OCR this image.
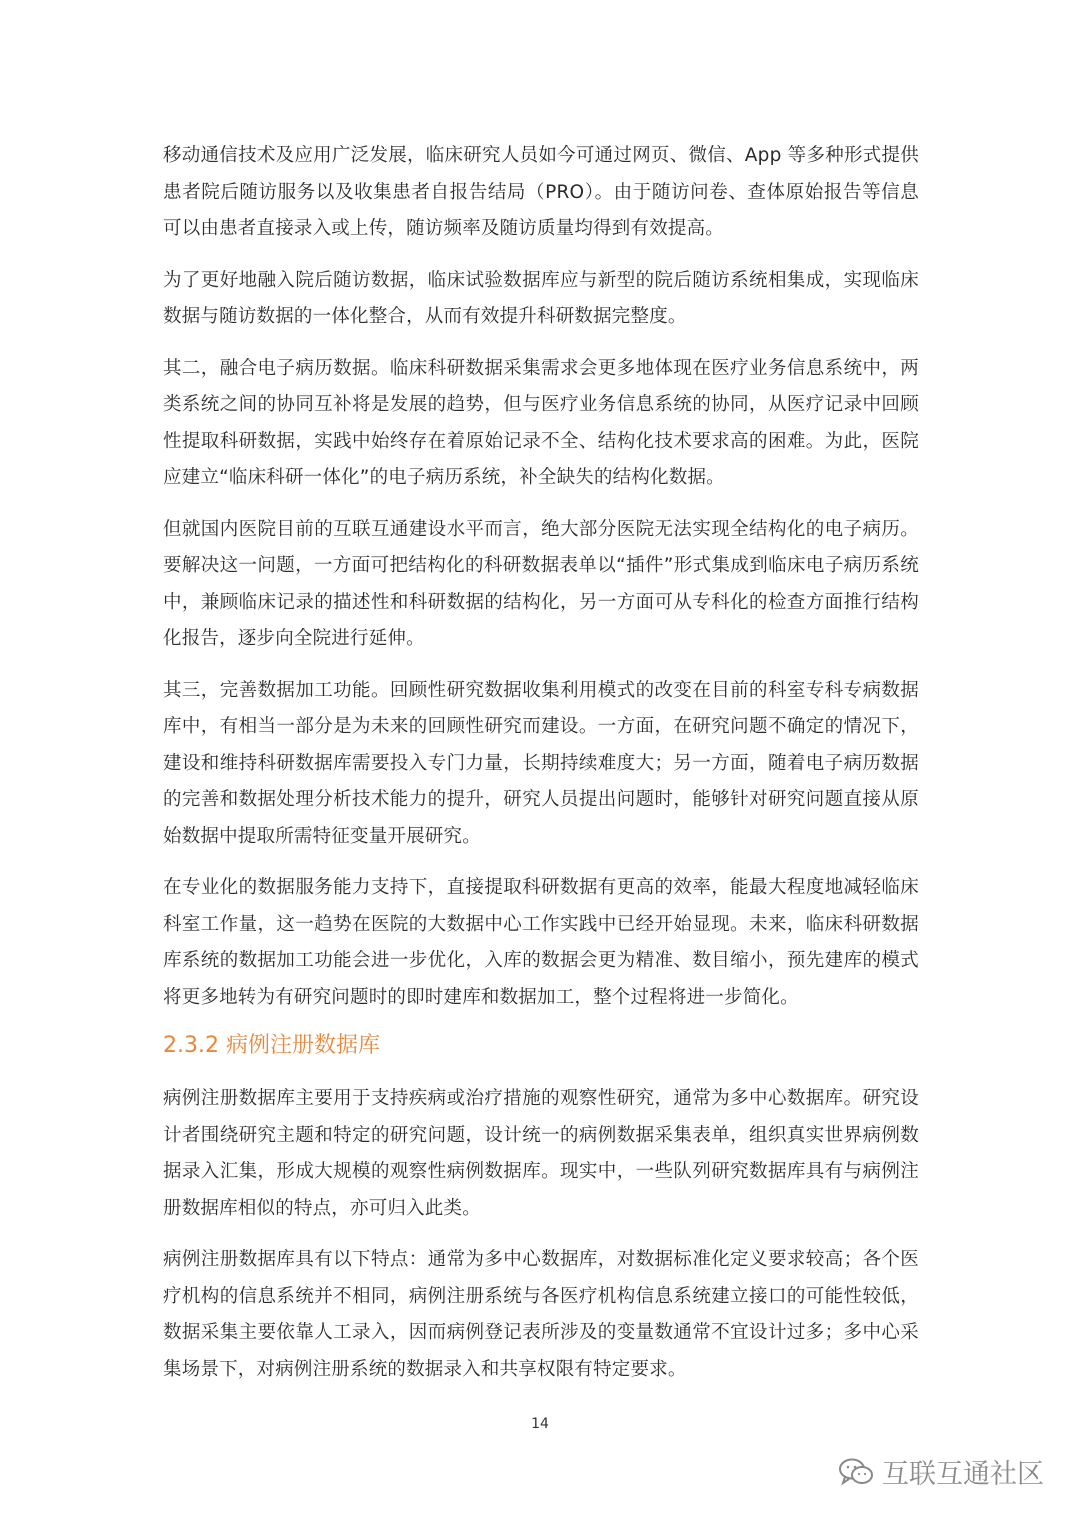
移动通信技术及应用广泛发展，临床研究人员如今可通过网页、微信、App 等多种形式提供患者院后随访服务以及收集患者自报告结局（PRO）。由于随访问卷、查体原始报告等信息可以由患者直接录入或上传，随访频率及随访质量均得到有效提高。

为了更好地融入院后随访数据，临床试验数据库应与新型的院后随访系统相集成，实现临床数据与随访数据的一体化整合，从而有效提升科研数据完整度。

其二，融合电子病历数据。临床科研数据采集需求会更多地体现在医疗业务信息系统中，两类系统之间的协同互补将是发展的趋势，但与医疗业务信息系统的协同，从医疗记录中回顾性提取科研数据，实践中始终存在着原始记录不全、结构化技术要求高的困难。为此，医院应建立“临床科研一体化”的电子病历系统，补全缺失的结构化数据。

但就国内医院目前的互联互通建设水平而言，绝大部分医院无法实现全结构化的电子病历。要解决这一问题，一方面可把结构化的科研数据表单以“插件”形式集成到临床电子病历系统中，兼顾临床记录的描述性和科研数据的结构化，另一方面可从专科化的检查方面推行结构化报告，逐步向全院进行延伸。

其三，完善数据加工功能。回顾性研究数据收集利用模式的改变在目前的科室专科专病数据库中，有相当一部分是为未来的回顾性研究而建设。一方面，在研究问题不确定的情况下，建设和维持科研数据库需要投入专门力量，长期持续难度大；另一方面，随着电子病历数据的完善和数据处理分析技术能力的提升，研究人员提出问题时，能够针对研究问题直接从原始数据中提取所需特征变量开展研究。

在专业化的数据服务能力支持下，直接提取科研数据有更高的效率，能最大程度地减轻临床科室工作量，这一趋势在医院的大数据中心工作实践中已经开始显现。未来，临床科研数据库系统的数据加工功能会进一步优化，入库的数据会更为精准、数目缩小，预先建库的模式将更多地转为有研究问题时的即时建库和数据加工，整个过程将进一步简化。

2.3.2 病例注册数据库

病例注册数据库主要用于支持疾病或治疗措施的观察性研究，通常为多中心数据库。研究设计者围绕研究主题和特定的研究问题，设计统一的病例数据采集表单，组织真实世界病例数据录入汇集，形成大规模的观察性病例数据库。现实中，一些队列研究数据库具有与病例注册数据库相似的特点，亦可归入此类。

病例注册数据库具有以下特点：通常为多中心数据库，对数据标准化定义要求较高；各个医疗机构的信息系统并不相同，病例注册系统与各医疗机构信息系统建立接口的可能性较低，数据采集主要依靠人工录入，因而病例登记表所涉及的变量数通常不宜设计过多；多中心采集场景下，对病例注册系统的数据录入和共享权限有特定要求。

14
互联互通社区
